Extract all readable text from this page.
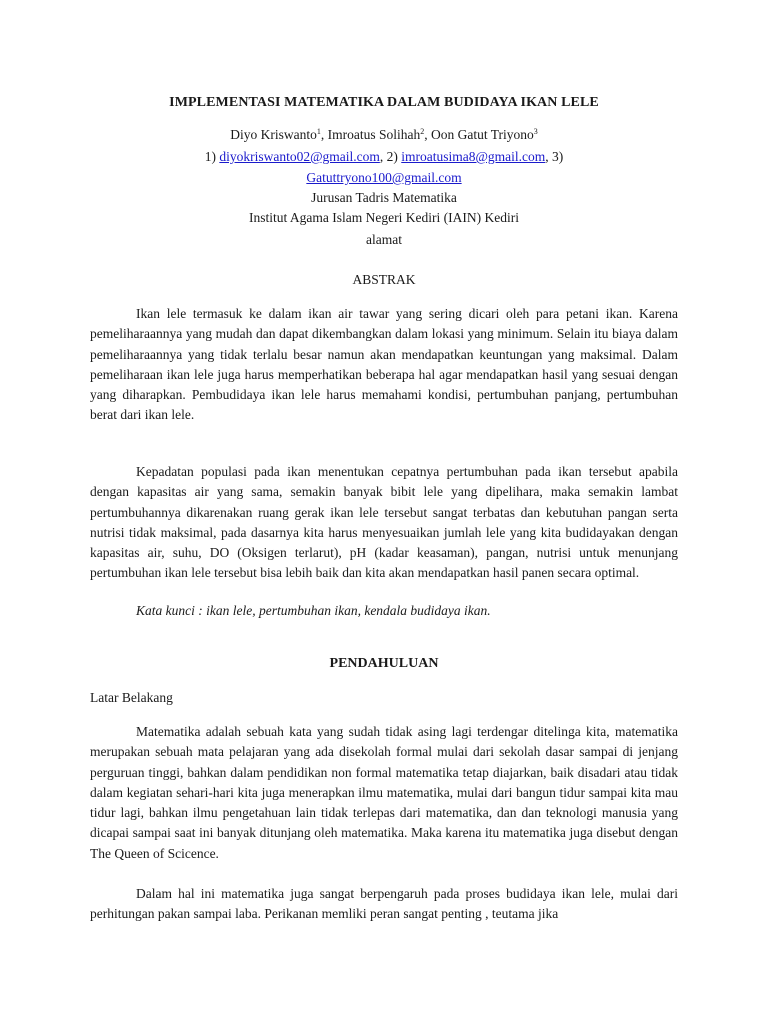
IMPLEMENTASI MATEMATIKA DALAM BUDIDAYA IKAN LELE
Diyo Kriswanto$^1$, Imroatus Solihah$^2$, Oon Gatut Triyono$^3$
1) diyokriswanto02@gmail.com, 2) imroatusima8@gmail.com, 3)
Gatuttryono100@gmail.com
Jurusan Tadris Matematika
Institut Agama Islam Negeri Kediri (IAIN) Kediri
alamat
ABSTRAK

Ikan lele termasuk ke dalam ikan air tawar yang sering dicari oleh para petani ikan. Karena pemeliharaannya yang mudah dan dapat dikembangkan dalam lokasi yang minimum. Selain itu biaya dalam pemeliharaannya yang tidak terlalu besar namun akan mendapatkan keuntungan yang maksimal. Dalam pemeliharaan ikan lele juga harus memperhatikan beberapa hal agar mendapatkan hasil yang sesuai dengan yang diharapkan. Pembudidaya ikan lele harus memahami kondisi, pertumbuhan panjang, pertumbuhan berat dari ikan lele.

Kepadatan populasi pada ikan menentukan cepatnya pertumbuhan pada ikan tersebut apabila dengan kapasitas air yang sama, semakin banyak bibit lele yang dipelihara, maka semakin lambat pertumbuhannya dikarenakan ruang gerak ikan lele tersebut sangat terbatas dan kebutuhan pangan serta nutrisi tidak maksimal, pada dasarnya kita harus menyesuaikan jumlah lele yang kita budidayakan dengan kapasitas air, suhu, DO (Oksigen terlarut), pH (kadar keasaman), pangan, nutrisi untuk menunjang pertumbuhan ikan lele tersebut bisa lebih baik dan kita akan mendapatkan hasil panen secara optimal.

Kata kunci : ikan lele, pertumbuhan ikan, kendala budidaya ikan.
PENDAHULUAN
Latar Belakang

Matematika adalah sebuah kata yang sudah tidak asing lagi terdengar ditelinga kita, matematika merupakan sebuah mata pelajaran yang ada disekolah formal mulai dari sekolah dasar sampai di jenjang perguruan tinggi, bahkan dalam pendidikan non formal matematika tetap diajarkan, baik disadari atau tidak dalam kegiatan sehari-hari kita juga menerapkan ilmu matematika, mulai dari bangun tidur sampai kita mau tidur lagi, bahkan ilmu pengetahuan lain tidak terlepas dari matematika, dan dan teknologi manusia yang dicapai sampai saat ini banyak ditunjang oleh matematika. Maka karena itu matematika juga disebut dengan The Queen of Scicence.

Dalam hal ini matematika juga sangat berpengaruh pada proses budidaya ikan lele, mulai dari perhitungan pakan sampai laba. Perikanan memliki peran sangat penting , teutama jika
